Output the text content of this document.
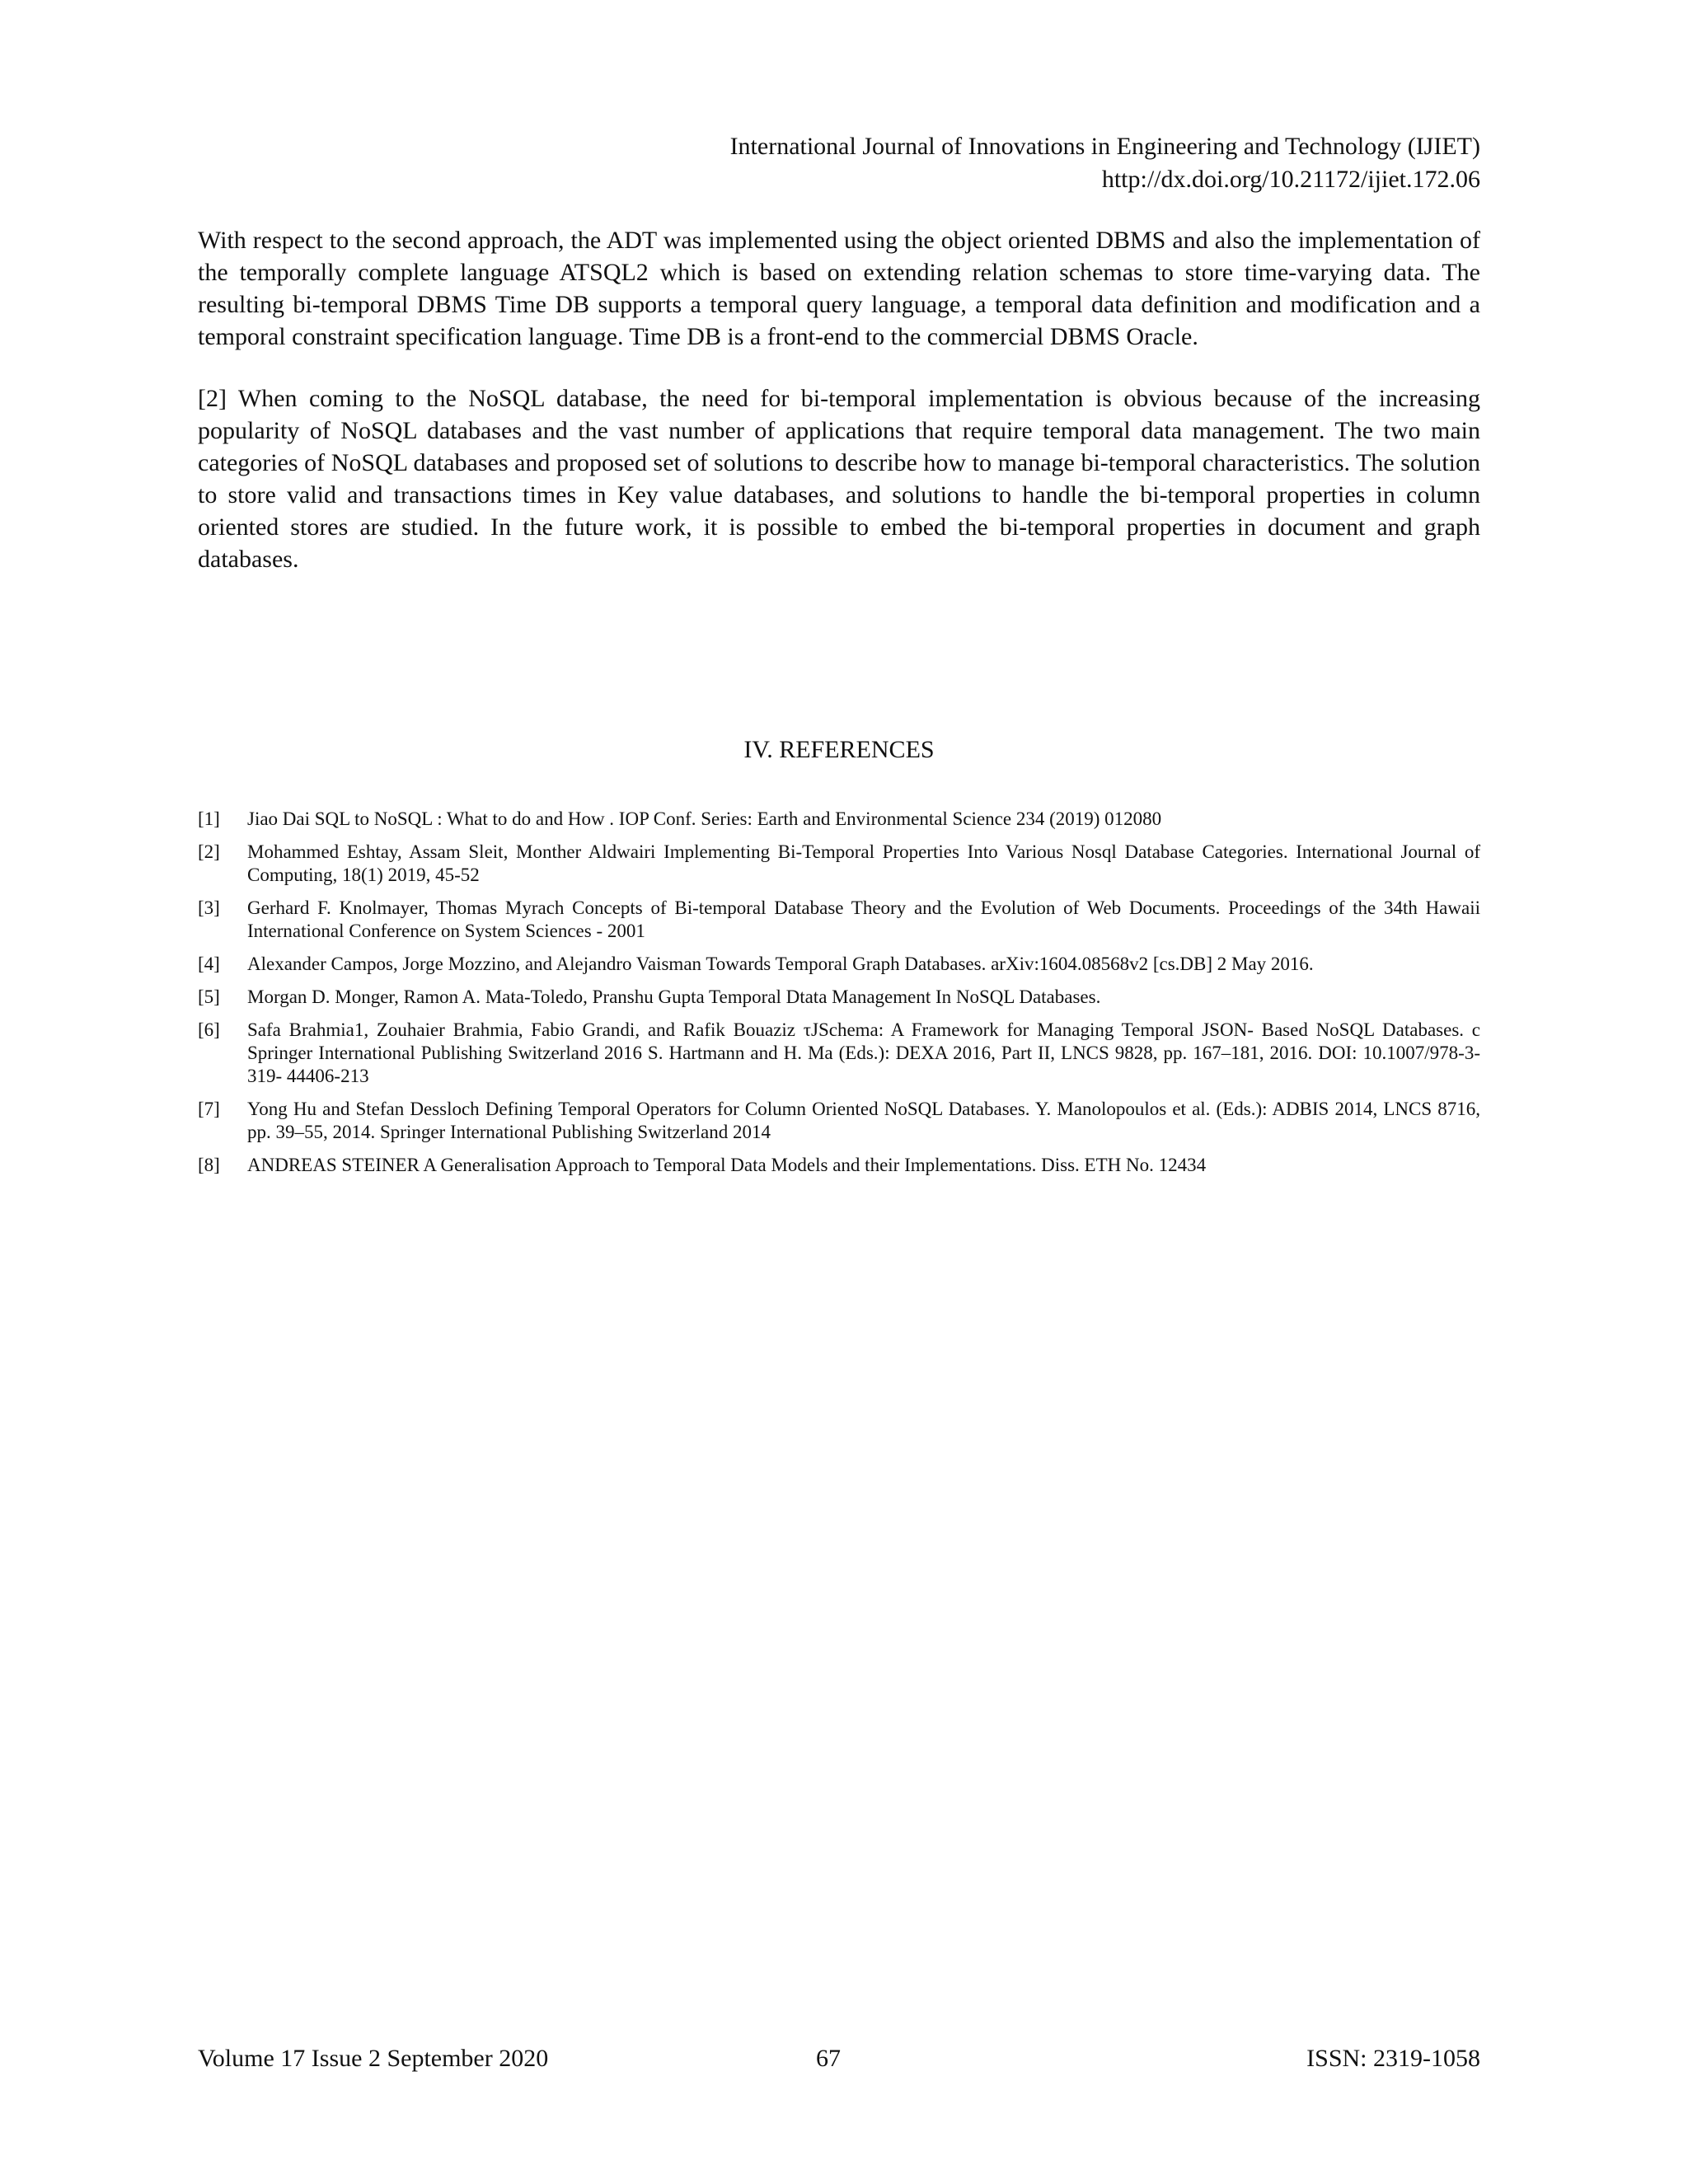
International Journal of Innovations in Engineering and Technology (IJIET)
http://dx.doi.org/10.21172/ijiet.172.06

With respect to the second approach, the ADT was implemented using the object oriented DBMS and also the implementation of the temporally complete language ATSQL2 which is based on extending relation schemas to store time-varying data. The resulting bi-temporal DBMS Time DB supports a temporal query language, a temporal data definition and modification and a temporal constraint specification language. Time DB is a front-end to the commercial DBMS Oracle.

[2] When coming to the NoSQL database, the need for bi-temporal implementation is obvious because of the increasing popularity of NoSQL databases and the vast number of applications that require temporal data management. The two main categories of NoSQL databases and proposed set of solutions to describe how to manage bi-temporal characteristics. The solution to store valid and transactions times in Key value databases, and solutions to handle the bi-temporal properties in column oriented stores are studied. In the future work, it is possible to embed the bi-temporal properties in document and graph databases.

IV. REFERENCES
[1]	Jiao Dai SQL to NoSQL : What to do and How . IOP Conf. Series: Earth and Environmental Science 234 (2019) 012080
[2]	Mohammed Eshtay, Assam Sleit, Monther Aldwairi Implementing Bi-Temporal Properties Into Various Nosql Database Categories. International Journal of Computing, 18(1) 2019, 45-52
[3]	Gerhard F. Knolmayer, Thomas Myrach Concepts of Bi-temporal Database Theory and the Evolution of Web Documents. Proceedings of the 34th Hawaii International Conference on System Sciences - 2001
[4]	Alexander Campos, Jorge Mozzino, and Alejandro Vaisman Towards Temporal Graph Databases. arXiv:1604.08568v2 [cs.DB] 2 May 2016.
[5]	Morgan D. Monger, Ramon A. Mata-Toledo, Pranshu Gupta Temporal Dtata Management In NoSQL Databases.
[6]	Safa Brahmia1, Zouhaier Brahmia, Fabio Grandi, and Rafik Bouaziz τJSchema: A Framework for Managing Temporal JSON- Based NoSQL Databases. c Springer International Publishing Switzerland 2016 S. Hartmann and H. Ma (Eds.): DEXA 2016, Part II, LNCS 9828, pp. 167–181, 2016. DOI: 10.1007/978-3-319- 44406-213
[7]	Yong Hu and Stefan Dessloch Defining Temporal Operators for Column Oriented NoSQL Databases. Y. Manolopoulos et al. (Eds.): ADBIS 2014, LNCS 8716, pp. 39–55, 2014. Springer International Publishing Switzerland 2014
[8]	ANDREAS STEINER A Generalisation Approach to Temporal Data Models and their Implementations. Diss. ETH No. 12434
Volume 17 Issue 2 September 2020	67	ISSN: 2319-1058
